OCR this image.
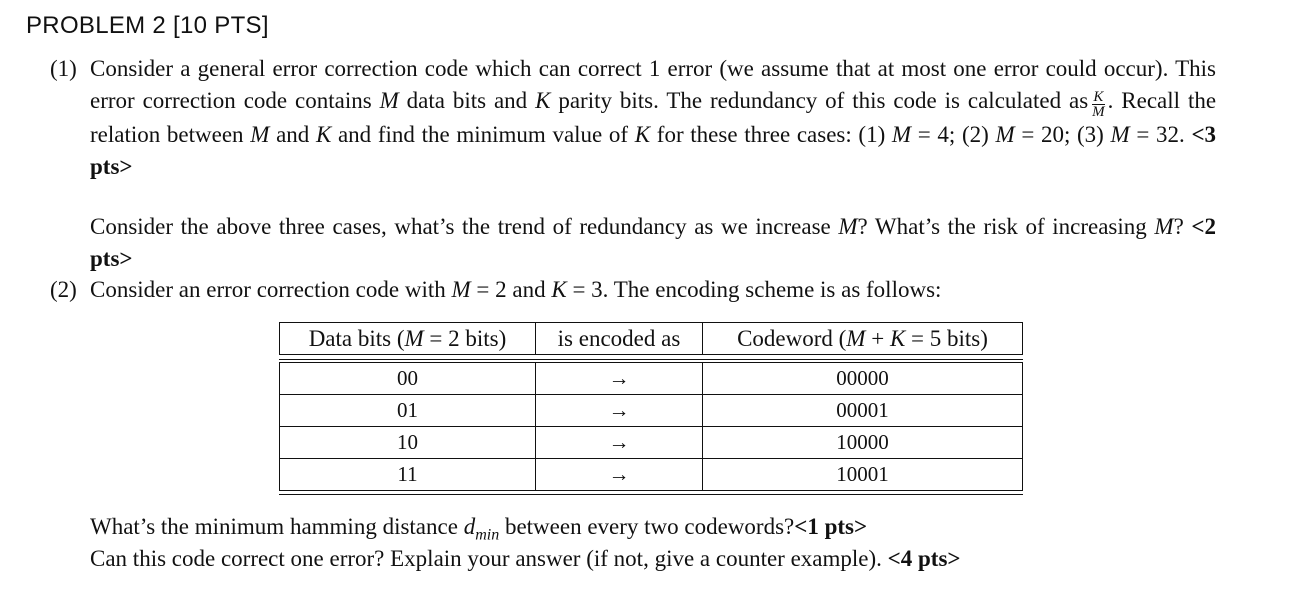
PROBLEM 2 [10 PTS]
(1) Consider a general error correction code which can correct 1 error (we assume that at most one error could occur). This error correction code contains M data bits and K parity bits. The redundancy of this code is calculated as $\frac{K}{M}$ . Recall the relation between M and K and find the minimum value of K for these three cases: (1) M = 4; (2) M = 20; (3) M = 32. <3 pts>
Consider the above three cases, what’s the trend of redundancy as we increase M? What’s the risk of increasing M? <2 pts>
(2) Consider an error correction code with M = 2 and K = 3. The encoding scheme is as follows:
Data bits (M = 2 bits)	is encoded as	Codeword (M + K = 5 bits)
00	→	00000
01	→	00001
10	→	10000
11	→	10001
What’s the minimum hamming distance $d_{min}$ between every two codewords?<1 pts>
Can this code correct one error? Explain your answer (if not, give a counter example). <4 pts>
